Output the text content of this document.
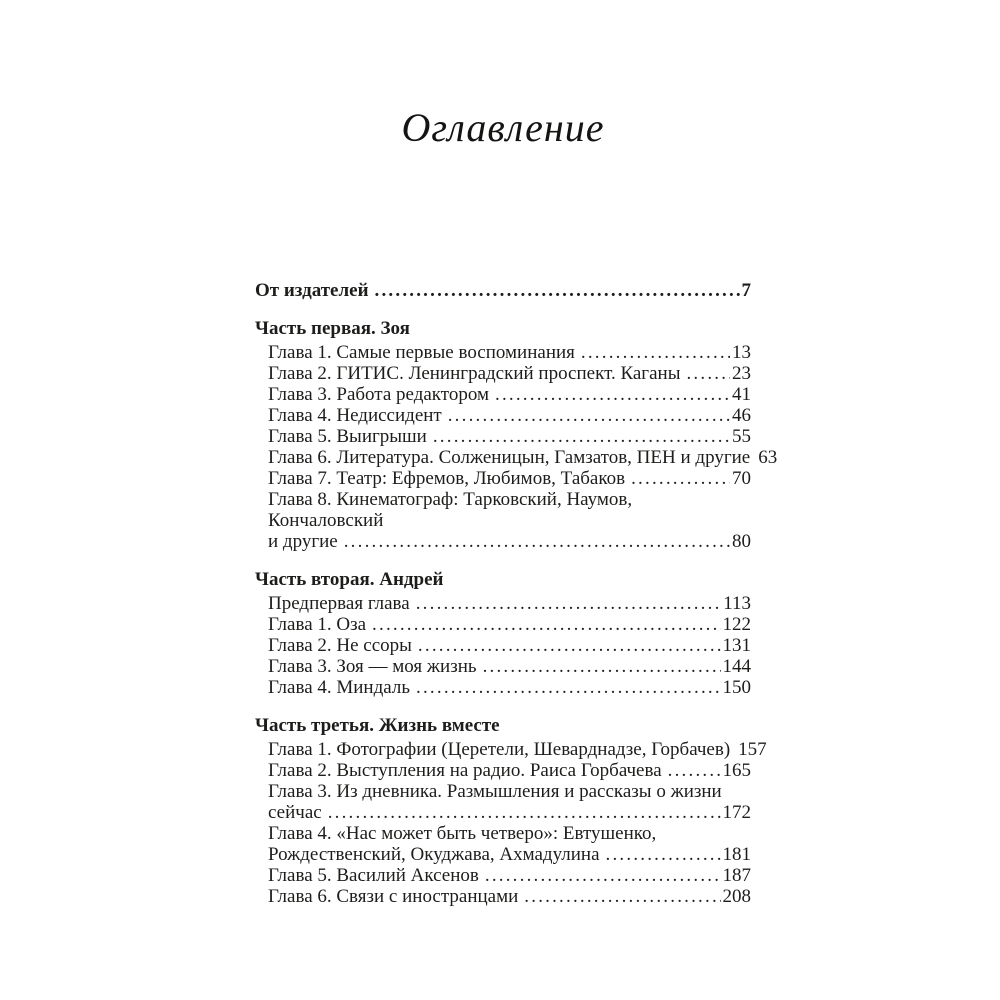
Оглавление
От издателей .....	7
Часть первая. Зоя
Глава 1. Самые первые воспоминания .....	13
Глава 2. ГИТИС. Ленинградский проспект. Каганы .....	23
Глава 3. Работа редактором .....	41
Глава 4. Недиссидент .....	46
Глава 5. Выигрыши .....	55
Глава 6. Литература. Солженицын, Гамзатов, ПЕН и другие 63
Глава 7. Театр: Ефремов, Любимов, Табаков .....	70
Глава 8. Кинематограф: Тарковский, Наумов, Кончаловский
и другие .....	80
Часть вторая. Андрей
Предпервая глава .....	113
Глава 1. Оза .....	122
Глава 2. Не ссоры .....	131
Глава 3. Зоя — моя жизнь .....	144
Глава 4. Миндаль .....	150
Часть третья. Жизнь вместе
Глава 1. Фотографии (Церетели, Шеварднадзе, Горбачев) 157
Глава 2. Выступления на радио. Раиса Горбачева .....	165
Глава 3. Из дневника. Размышления и рассказы о жизни
сейчас .....	172
Глава 4. «Нас может быть четверо»: Евтушенко,
Рождественский, Окуджава, Ахмадулина .....	181
Глава 5. Василий Аксенов .....	187
Глава 6. Связи с иностранцами .....	208
